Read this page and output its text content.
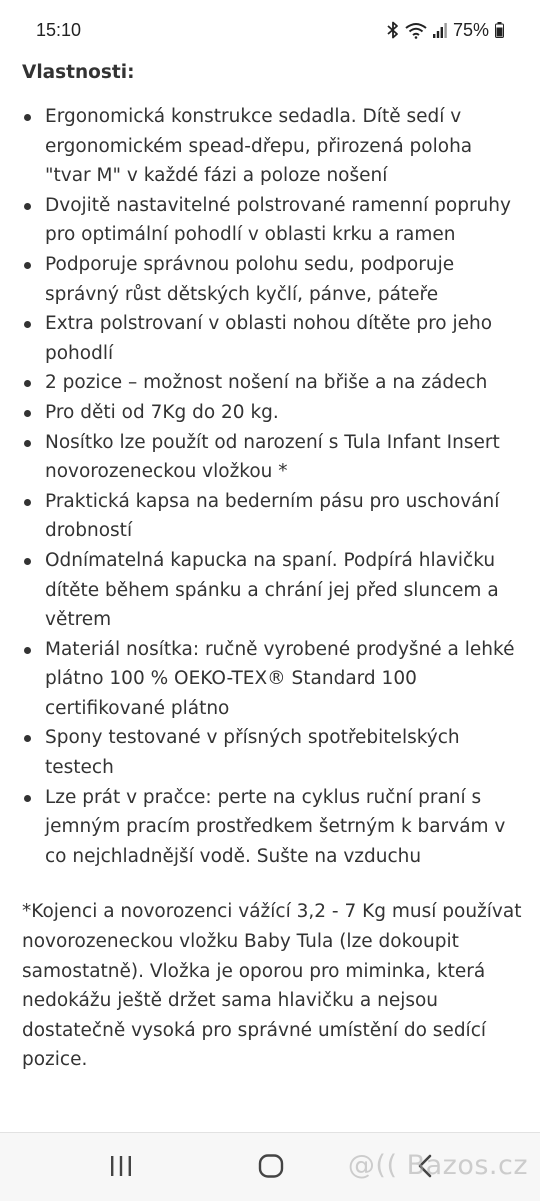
15:10	75%
Vlastnosti:
Ergonomická konstrukce sedadla. Dítě sedí v ergonomickém spead-dřepu, přirozená poloha "tvar M" v každé fázi a poloze nošení
Dvojitě nastavitelné polstrované ramenní popruhy pro optimální pohodlí v oblasti krku a ramen
Podporuje správnou polohu sedu, podporuje správný růst dětských kyčlí, pánve, páteře
Extra polstrovaní v oblasti nohou dítěte pro jeho pohodlí
2 pozice – možnost nošení na břiše a na zádech
Pro děti od 7Kg do 20 kg.
Nosítko lze použít od narození s Tula Infant Insert novorozeneckou vložkou *
Praktická kapsa na bederním pásu pro uschování drobností
Odnímatelná kapucka na spaní. Podpírá hlavičku dítěte během spánku a chrání jej před sluncem a větrem
Materiál nosítka: ručně vyrobené prodyšné a lehké plátno 100 % OEKO-TEX® Standard 100 certifikované plátno
Spony testované v přísných spotřebitelských testech
Lze prát v pračce: perte na cyklus ruční praní s jemným pracím prostředkem šetrným k barvám v co nejchladnější vodě. Sušte na vzduchu
*Kojenci a novorozenci vážící 3,2 - 7 Kg musí používat novorozeneckou vložku Baby Tula (lze dokoupit samostatně). Vložka je oporou pro miminka, která nedokážu ještě držet sama hlavičku a nejsou dostatečně vysoká pro správné umístění do sedící pozice.
@(( Bazos.cz
